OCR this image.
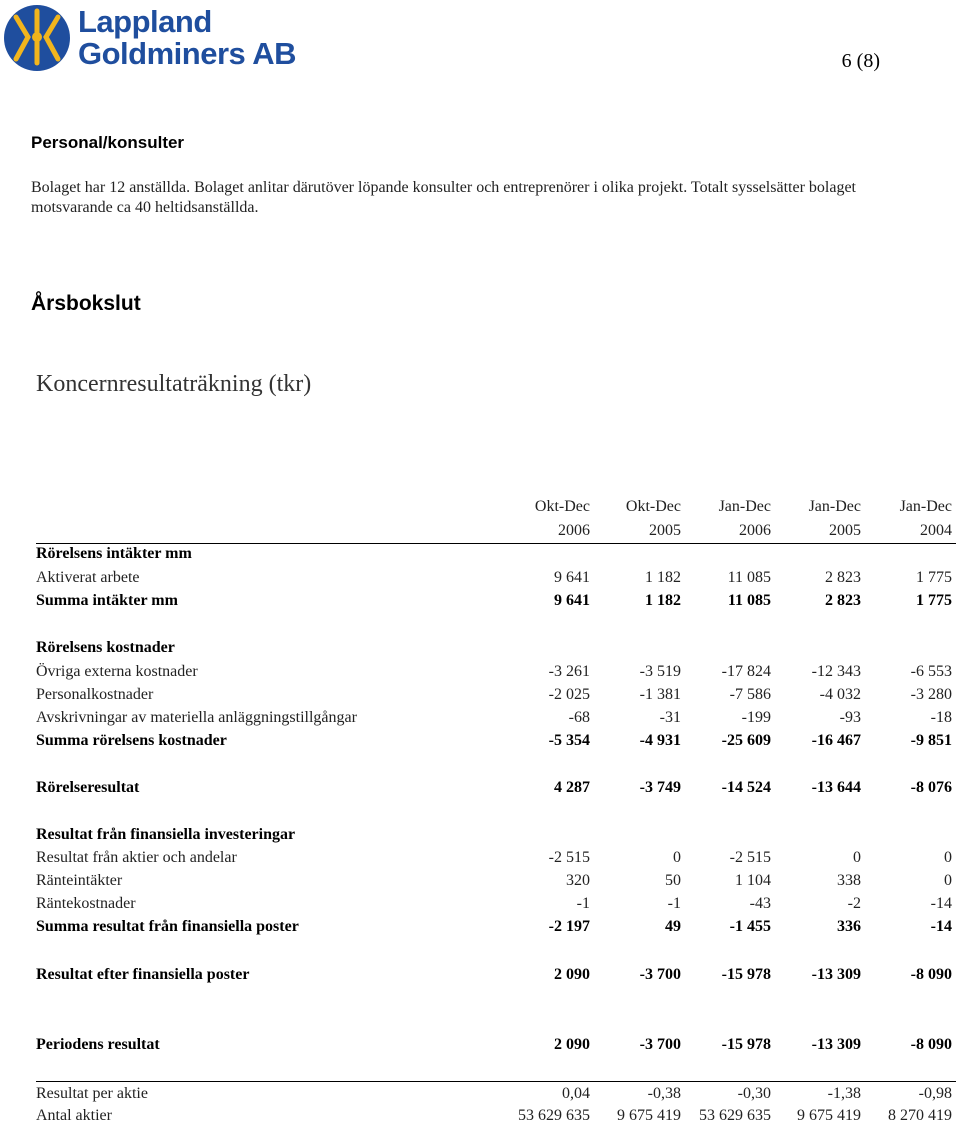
Lappland
Goldminers AB	6 (8)
Personal/konsulter
Bolaget har 12 anställda. Bolaget anlitar därutöver löpande konsulter och entreprenörer i olika projekt. Totalt sysselsätter bolaget motsvarande ca 40 heltidsanställda.
Årsbokslut
Koncernresultaträkning (tkr)
Okt-Dec	Okt-Dec	Jan-Dec	Jan-Dec	Jan-Dec
2006	2005	2006	2005	2004
Rörelsens intäkter mm
Aktiverat arbete	9 641	1 182	11 085	2 823	1 775
Summa intäkter mm	9 641	1 182	11 085	2 823	1 775
Rörelsens kostnader
Övriga externa kostnader	-3 261	-3 519	-17 824	-12 343	-6 553
Personalkostnader	-2 025	-1 381	-7 586	-4 032	-3 280
Avskrivningar av materiella anläggningstillgångar	-68	-31	-199	-93	-18
Summa rörelsens kostnader	-5 354	-4 931	-25 609	-16 467	-9 851
Rörelseresultat	4 287	-3 749	-14 524	-13 644	-8 076
Resultat från finansiella investeringar
Resultat från aktier och andelar	-2 515	0	-2 515	0	0
Ränteintäkter	320	50	1 104	338	0
Räntekostnader	-1	-1	-43	-2	-14
Summa resultat från finansiella poster	-2 197	49	-1 455	336	-14
Resultat efter finansiella poster	2 090	-3 700	-15 978	-13 309	-8 090
Periodens resultat	2 090	-3 700	-15 978	-13 309	-8 090
Resultat per aktie	0,04	-0,38	-0,30	-1,38	-0,98
Antal aktier	53 629 635	9 675 419	53 629 635	9 675 419	8 270 419
